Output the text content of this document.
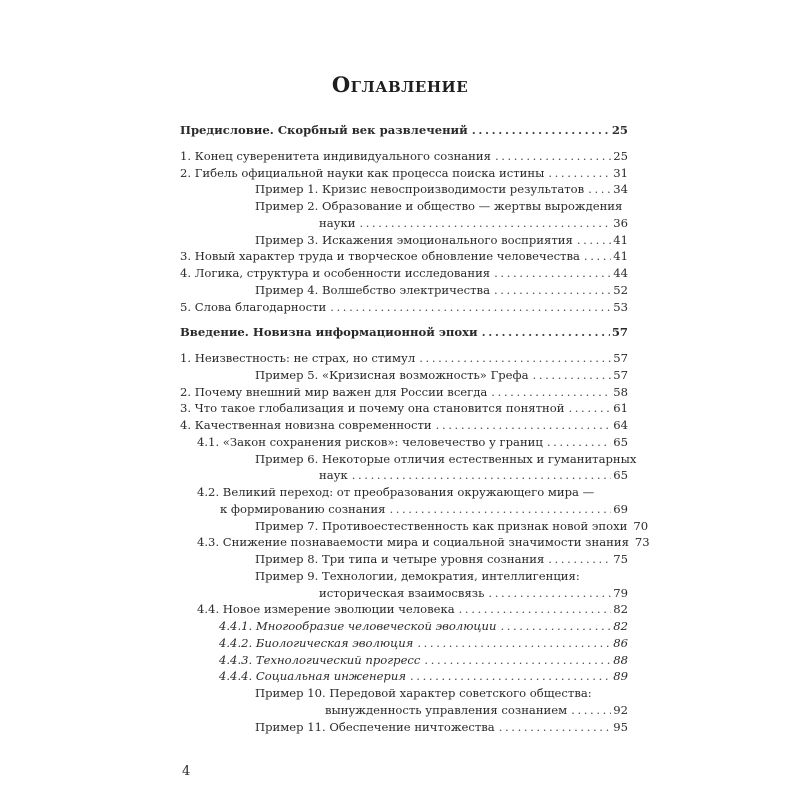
Оглавление
Предисловие. Скорбный век развлечений .....	25
1. Конец суверенитета индивидуального сознания .....	25
2. Гибель официальной науки как процесса поиска истины .....	31
Пример 1. Кризис невоспроизводимости результатов .....	34
Пример 2. Образование и общество — жертвы вырождения
науки .....	36
Пример 3. Искажения эмоционального восприятия .....	41
3. Новый характер труда и творческое обновление человечества .....	41
4. Логика, структура и особенности исследования .....	44
Пример 4. Волшебство электричества .....	52
5. Слова благодарности .....	53
Введение. Новизна информационной эпохи .....	57
1. Неизвестность: не страх, но стимул .....	57
Пример 5. «Кризисная возможность» Грефа .....	57
2. Почему внешний мир важен для России всегда .....	58
3. Что такое глобализация и почему она становится понятной .....	61
4. Качественная новизна современности .....	64
4.1. «Закон сохранения рисков»: человечество у границ .....	65
Пример 6. Некоторые отличия естественных и гуманитарных
наук .....	65
4.2. Великий переход: от преобразования окружающего мира —
к формированию сознания .....	69
Пример 7. Противоестественность как признак новой эпохи 70
4.3. Снижение познаваемости мира и социальной значимости знания 73
Пример 8. Три типа и четыре уровня сознания .....	75
Пример 9. Технологии, демократия, интеллигенция:
историческая взаимосвязь .....	79
4.4. Новое измерение эволюции человека .....	82
4.4.1. Многообразие человеческой эволюции .....	82
4.4.2. Биологическая эволюция .....	86
4.4.3. Технологический прогресс .....	88
4.4.4. Социальная инженерия .....	89
Пример 10. Передовой характер советского общества:
вынужденность управления сознанием .....	92
Пример 11. Обеспечение ничтожества .....	95
4
